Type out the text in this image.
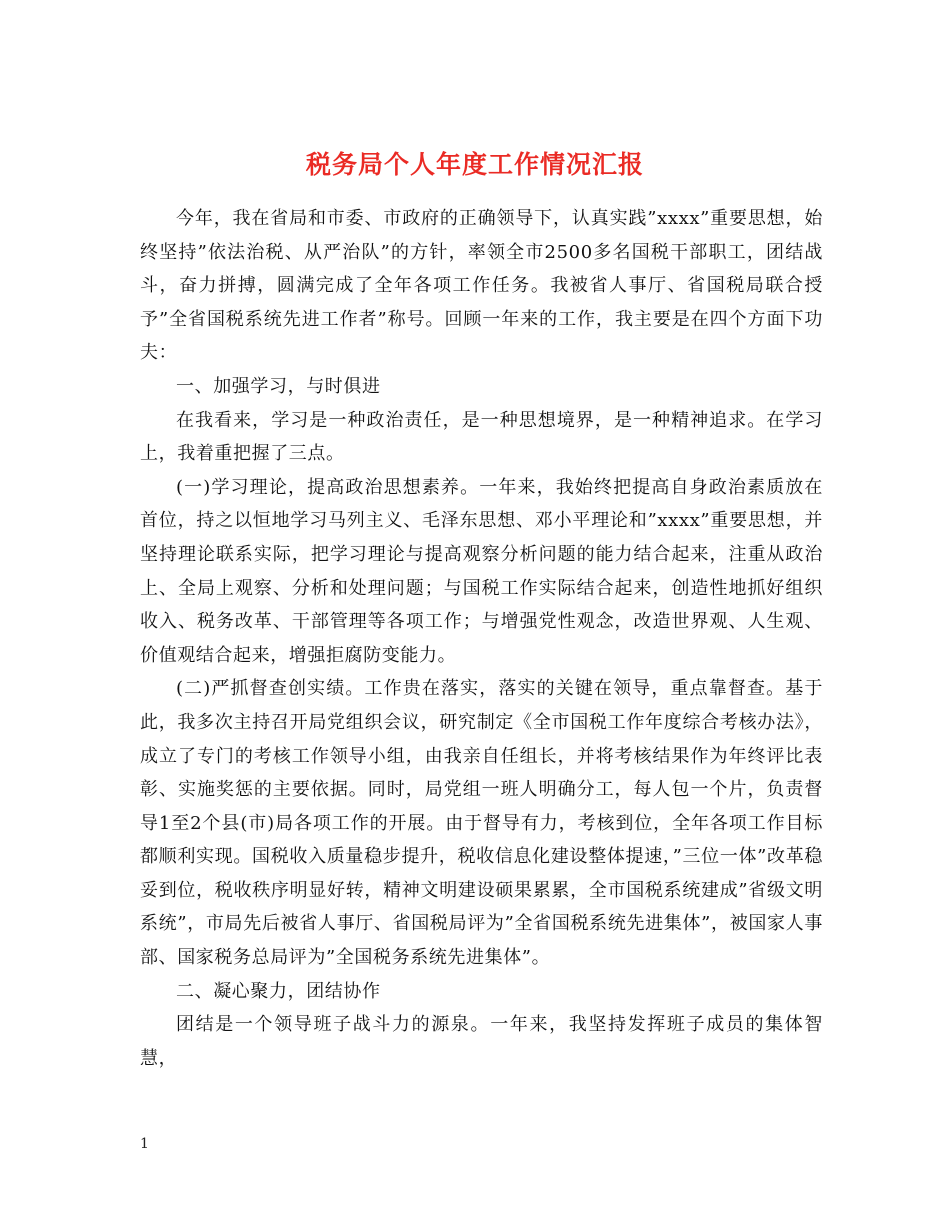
税务局个人年度工作情况汇报

今年，我在省局和市委、市政府的正确领导下，认真实践”xxxx”重要思想，始终坚持”依法治税、从严治队”的方针，率领全市2500多名国税干部职工，团结战斗，奋力拼搏，圆满完成了全年各项工作任务。我被省人事厅、省国税局联合授予”全省国税系统先进工作者”称号。回顾一年来的工作，我主要是在四个方面下功夫：

一、加强学习，与时俱进

在我看来，学习是一种政治责任，是一种思想境界，是一种精神追求。在学习上，我着重把握了三点。

(一)学习理论，提高政治思想素养。一年来，我始终把提高自身政治素质放在首位，持之以恒地学习马列主义、毛泽东思想、邓小平理论和”xxxx”重要思想，并坚持理论联系实际，把学习理论与提高观察分析问题的能力结合起来，注重从政治上、全局上观察、分析和处理问题；与国税工作实际结合起来，创造性地抓好组织收入、税务改革、干部管理等各项工作；与增强党性观念，改造世界观、人生观、价值观结合起来，增强拒腐防变能力。

(二)严抓督查创实绩。工作贵在落实，落实的关键在领导，重点靠督查。基于此，我多次主持召开局党组织会议，研究制定《全市国税工作年度综合考核办法》，成立了专门的考核工作领导小组，由我亲自任组长，并将考核结果作为年终评比表彰、实施奖惩的主要依据。同时，局党组一班人明确分工，每人包一个片，负责督导1至2个县(市)局各项工作的开展。由于督导有力，考核到位，全年各项工作目标都顺利实现。国税收入质量稳步提升，税收信息化建设整体提速，”三位一体”改革稳妥到位，税收秩序明显好转，精神文明建设硕果累累，全市国税系统建成”省级文明系统”，市局先后被省人事厅、省国税局评为”全省国税系统先进集体”，被国家人事部、国家税务总局评为”全国税务系统先进集体”。

二、凝心聚力，团结协作

团结是一个领导班子战斗力的源泉。一年来，我坚持发挥班子成员的集体智慧，

1
